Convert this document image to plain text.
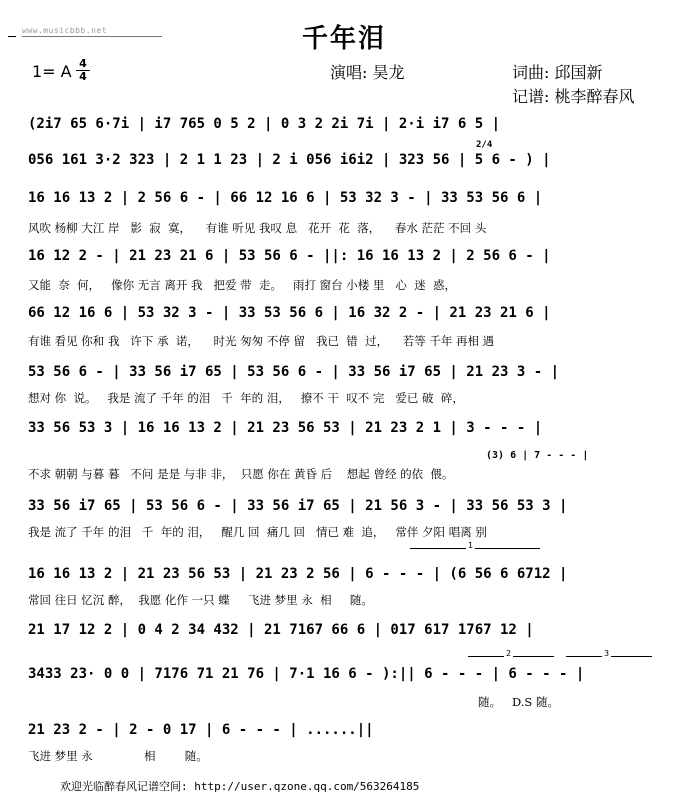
www.musicbbb.net	千年泪
1= A 4
4	演唱: 昊龙	词曲: 邱国新
记谱: 桃李醉春风
(2i7 65 6·7i | i7 765 0 5 2 | 0 3 2 2i 7i | 2·i i7 6 5 |
2/4
056 161 3·2 323 | 2 1 1 23 | 2 i 056 i6i2 | 323 56 | 5 6 - ) |
16 16 13 2 | 2 56 6 - | 66 12 16 6 | 53 32 3 - | 33 53 56 6 |
风吹 杨柳 大江 岸   影  寂  寞，    有谁 听见 我叹 息   花开  花  落，    春水 茫茫 不回 头
16 12 2 - | 21 23 21 6 | 53 56 6 - ||: 16 16 13 2 | 2 56 6 - |
又能  奈  何，   像你 无言 离开 我   把爱 带  走。   雨打 窗台 小楼 里   心  迷  惑，
66 12 16 6 | 53 32 3 - | 33 53 56 6 | 16 32 2 - | 21 23 21 6 |
有谁 看见 你和 我   许下 承  诺，    时光 匆匆 不停 留   我已  错  过，    若等 千年 再相 遇
53 56 6 - | 33 56 i7 65 | 53 56 6 - | 33 56 i7 65 | 21 23 3 - |
想对 你  说。   我是 流了 千年 的泪   千  年的 泪，   撩不 干  叹不 完   爱已 破  碎，
33 56 53 3 | 16 16 13 2 | 21 23 56 53 | 21 23 2 1 | 3 - - - |
(3) 6 | 7 - - - |
不求 朝朝 与暮 暮   不问 是是 与非 非，  只愿 你在 黄昏 后    想起 曾经 的依  偎。
33 56 i7 65 | 53 56 6 - | 33 56 i7 65 | 21 56 3 - | 33 56 53 3 |
我是 流了 千年 的泪   千  年的 泪，   醒几 回  痛几 回   情已 难  追，   常伴 夕阳 唱离 别
1
16 16 13 2 | 21 23 56 53 | 21 23 2 56 | 6 - - - | (6 56 6 6712 |
常回 往日 忆沉 醉，  我愿 化作 一只 蝶     飞进 梦里 永  相     随。
21 17 12 2 | 0 4 2 34 432 | 21 7167 66 6 | 017 617 1767 12 |
2	3
3433 23· 0 0 | 7176 71 21 76 | 7·1 16 6 - ):|| 6 - - - | 6 - - - |
随。   D.S 随。
21 23 2 - | 2 - 0 17 | 6 - - - | ......||
飞进 梦里 永              相        随。
欢迎光临醉春风记谱空间: http://user.qzone.qq.com/563264185
